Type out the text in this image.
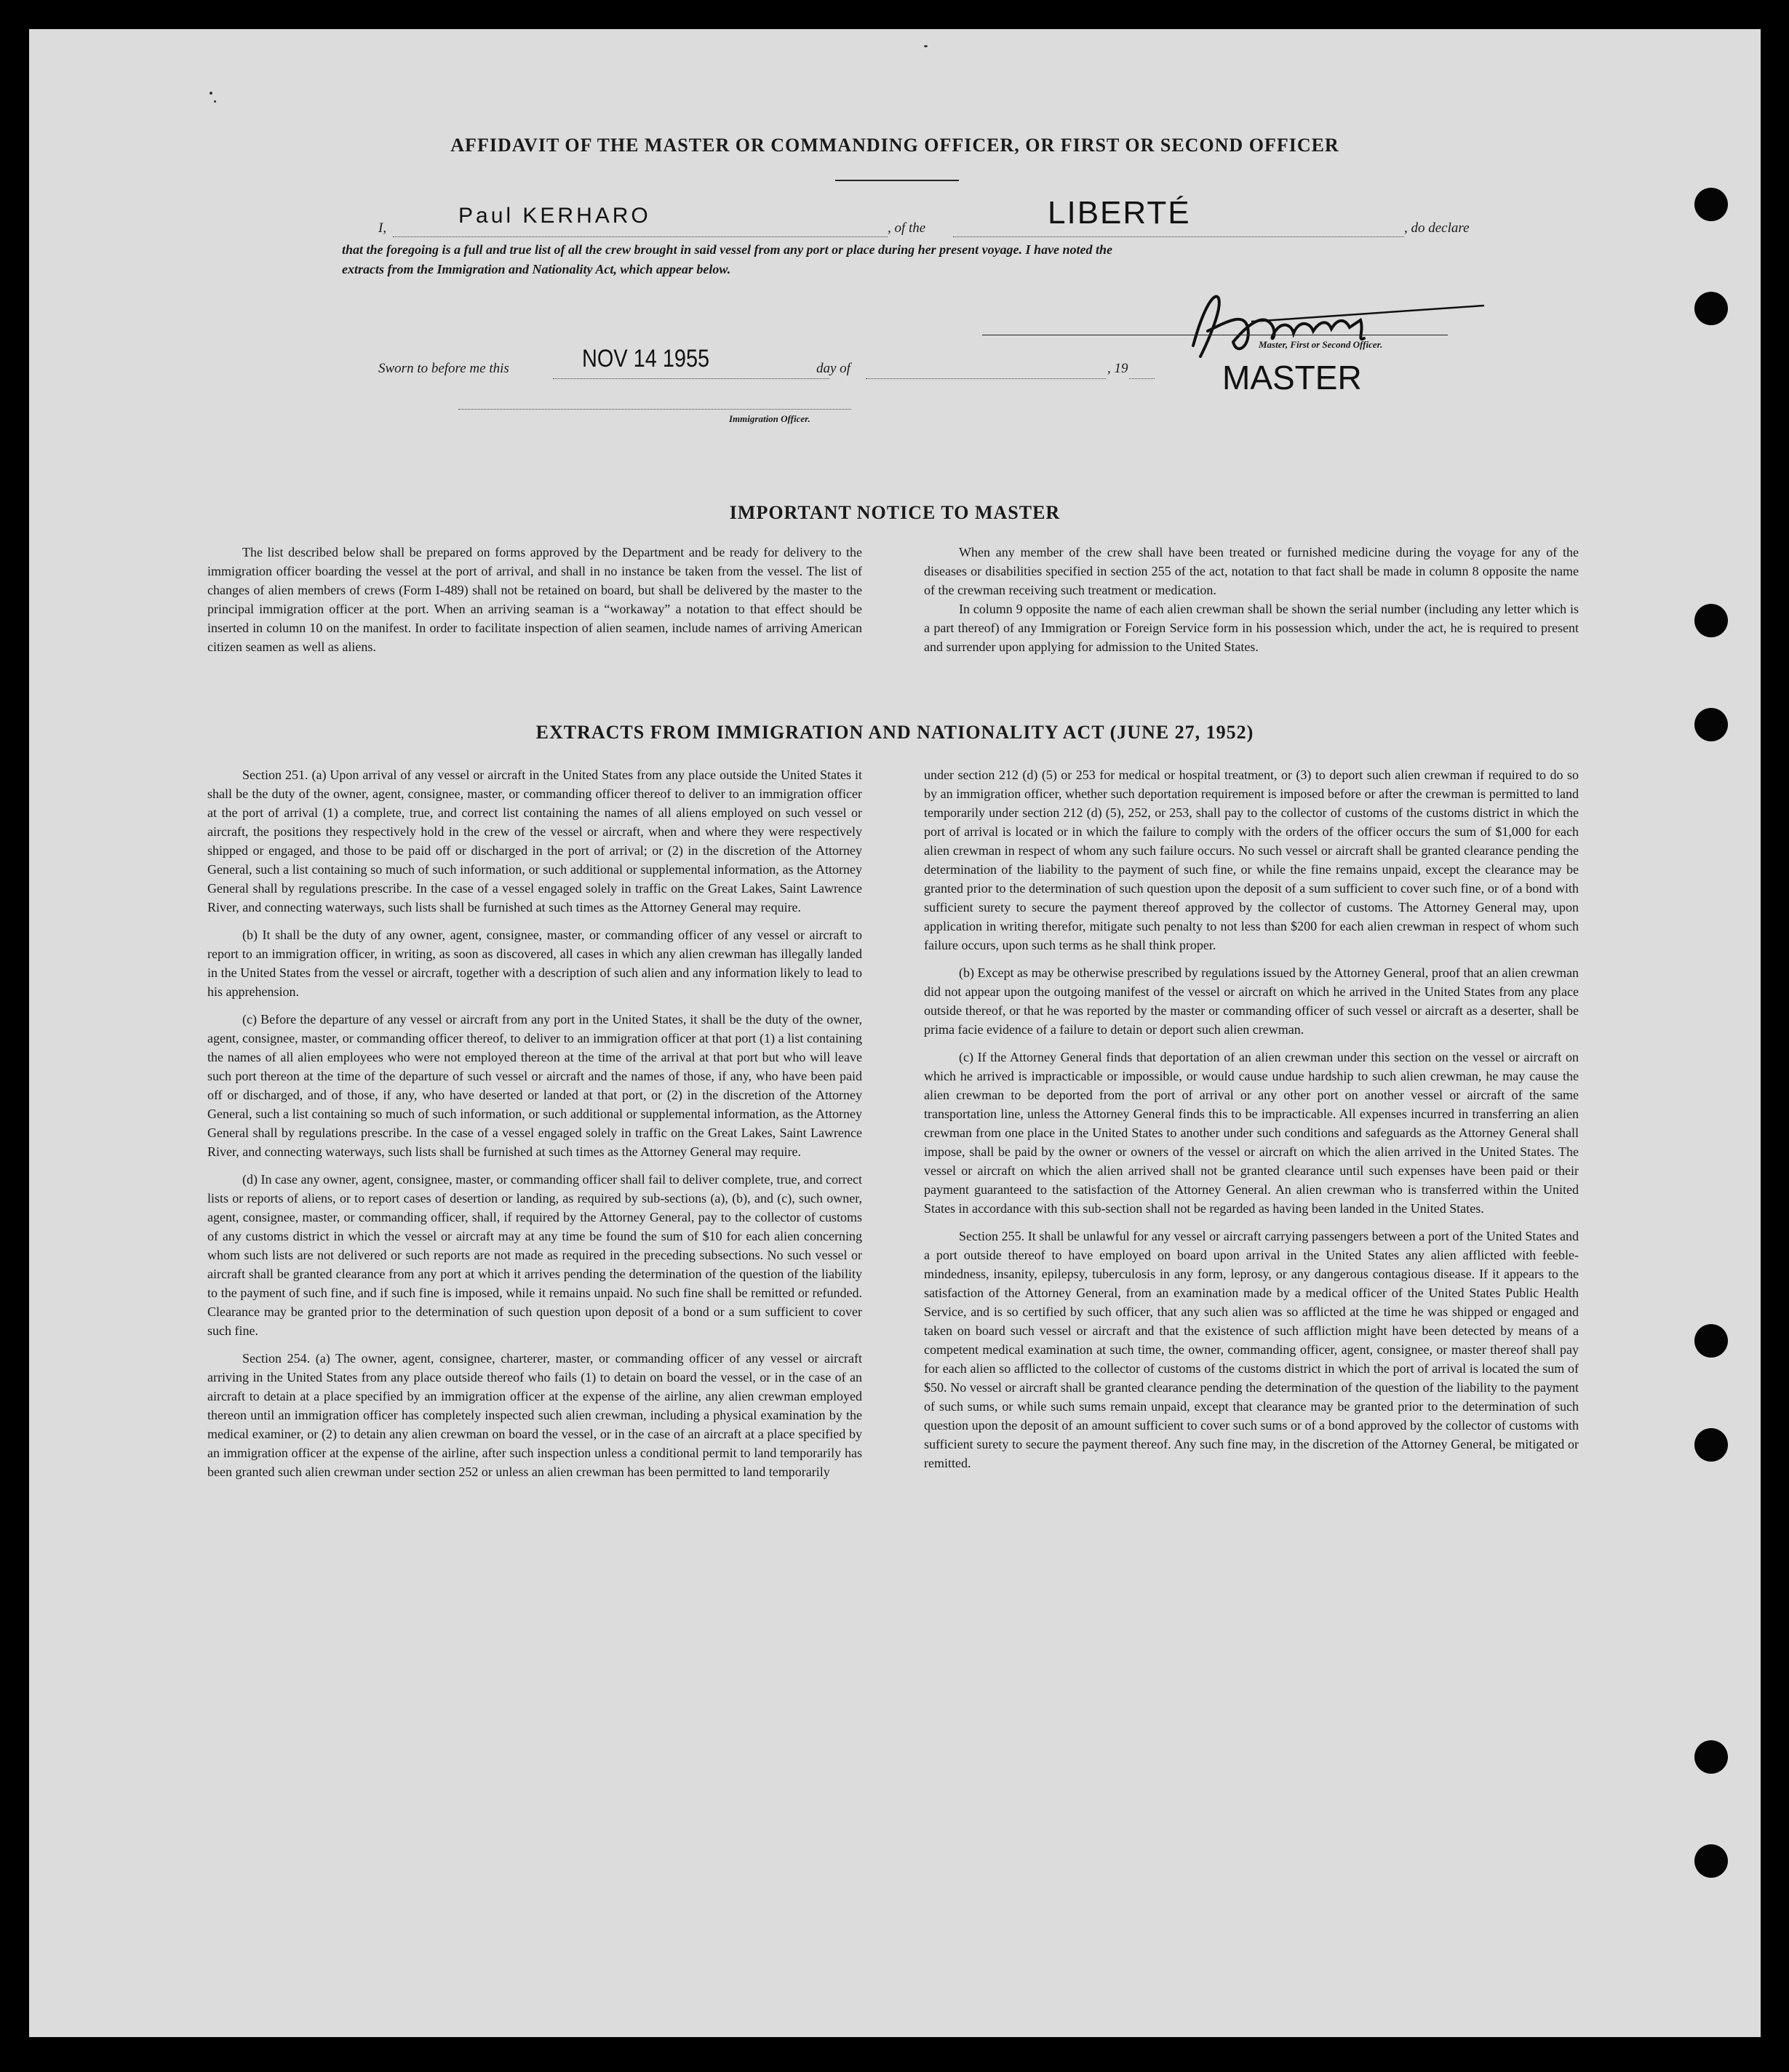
AFFIDAVIT OF THE MASTER OR COMMANDING OFFICER, OR FIRST OR SECOND OFFICER
I,
Paul KERHARO
, of the	LIBERTÉ	, do declare
that the foregoing is a full and true list of all the crew brought in said vessel from any port or place during her present voyage. I have noted the
extracts from the Immigration and Nationality Act, which appear below.
Master, First or Second Officer.
MASTER
Sworn to before me this	NOV 14 1955	day of	, 19
Immigration Officer.
IMPORTANT NOTICE TO MASTER

The list described below shall be prepared on forms approved by the Department and be ready for delivery to the immigration officer boarding the vessel at the port of arrival, and shall in no instance be taken from the vessel. The list of changes of alien members of crews (Form I-489) shall not be retained on board, but shall be delivered by the master to the principal immigration officer at the port. When an arriving seaman is a “workaway” a notation to that effect should be inserted in column 10 on the manifest. In order to facilitate inspection of alien seamen, include names of arriving American citizen seamen as well as aliens.

When any member of the crew shall have been treated or furnished medicine during the voyage for any of the diseases or disabilities specified in section 255 of the act, notation to that fact shall be made in column 8 opposite the name of the crewman receiving such treatment or medication.

In column 9 opposite the name of each alien crewman shall be shown the serial number (including any letter which is a part thereof) of any Immigration or Foreign Service form in his possession which, under the act, he is required to present and surrender upon applying for admission to the United States.

EXTRACTS FROM IMMIGRATION AND NATIONALITY ACT (JUNE 27, 1952)

Section 251. (a) Upon arrival of any vessel or aircraft in the United States from any place outside the United States it shall be the duty of the owner, agent, consignee, master, or commanding officer thereof to deliver to an immigration officer at the port of arrival (1) a complete, true, and correct list containing the names of all aliens employed on such vessel or aircraft, the positions they respectively hold in the crew of the vessel or aircraft, when and where they were respectively shipped or engaged, and those to be paid off or discharged in the port of arrival; or (2) in the discretion of the Attorney General, such a list containing so much of such information, or such additional or supplemental information, as the Attorney General shall by regulations prescribe. In the case of a vessel engaged solely in traffic on the Great Lakes, Saint Lawrence River, and connecting waterways, such lists shall be furnished at such times as the Attorney General may require.

(b) It shall be the duty of any owner, agent, consignee, master, or commanding officer of any vessel or aircraft to report to an immigration officer, in writing, as soon as discovered, all cases in which any alien crewman has illegally landed in the United States from the vessel or aircraft, together with a description of such alien and any information likely to lead to his apprehension.

(c) Before the departure of any vessel or aircraft from any port in the United States, it shall be the duty of the owner, agent, consignee, master, or commanding officer thereof, to deliver to an immigration officer at that port (1) a list containing the names of all alien employees who were not employed thereon at the time of the arrival at that port but who will leave such port thereon at the time of the departure of such vessel or aircraft and the names of those, if any, who have been paid off or discharged, and of those, if any, who have deserted or landed at that port, or (2) in the discretion of the Attorney General, such a list containing so much of such information, or such additional or supplemental information, as the Attorney General shall by regulations prescribe. In the case of a vessel engaged solely in traffic on the Great Lakes, Saint Lawrence River, and connecting waterways, such lists shall be furnished at such times as the Attorney General may require.

(d) In case any owner, agent, consignee, master, or commanding officer shall fail to deliver complete, true, and correct lists or reports of aliens, or to report cases of desertion or landing, as required by sub-sections (a), (b), and (c), such owner, agent, consignee, master, or commanding officer, shall, if required by the Attorney General, pay to the collector of customs of any customs district in which the vessel or aircraft may at any time be found the sum of $10 for each alien concerning whom such lists are not delivered or such reports are not made as required in the preceding subsections. No such vessel or aircraft shall be granted clearance from any port at which it arrives pending the determination of the question of the liability to the payment of such fine, and if such fine is imposed, while it remains unpaid. No such fine shall be remitted or refunded. Clearance may be granted prior to the determination of such question upon deposit of a bond or a sum sufficient to cover such fine.

Section 254. (a) The owner, agent, consignee, charterer, master, or commanding officer of any vessel or aircraft arriving in the United States from any place outside thereof who fails (1) to detain on board the vessel, or in the case of an aircraft to detain at a place specified by an immigration officer at the expense of the airline, any alien crewman employed thereon until an immigration officer has completely inspected such alien crewman, including a physical examination by the medical examiner, or (2) to detain any alien crewman on board the vessel, or in the case of an aircraft at a place specified by an immigration officer at the expense of the airline, after such inspection unless a conditional permit to land temporarily has been granted such alien crewman under section 252 or unless an alien crewman has been permitted to land temporarily

under section 212 (d) (5) or 253 for medical or hospital treatment, or (3) to deport such alien crewman if required to do so by an immigration officer, whether such deportation requirement is imposed before or after the crewman is permitted to land temporarily under section 212 (d) (5), 252, or 253, shall pay to the collector of customs of the customs district in which the port of arrival is located or in which the failure to comply with the orders of the officer occurs the sum of $1,000 for each alien crewman in respect of whom any such failure occurs. No such vessel or aircraft shall be granted clearance pending the determination of the liability to the payment of such fine, or while the fine remains unpaid, except the clearance may be granted prior to the determination of such question upon the deposit of a sum sufficient to cover such fine, or of a bond with sufficient surety to secure the payment thereof approved by the collector of customs. The Attorney General may, upon application in writing therefor, mitigate such penalty to not less than $200 for each alien crewman in respect of whom such failure occurs, upon such terms as he shall think proper.

(b) Except as may be otherwise prescribed by regulations issued by the Attorney General, proof that an alien crewman did not appear upon the outgoing manifest of the vessel or aircraft on which he arrived in the United States from any place outside thereof, or that he was reported by the master or commanding officer of such vessel or aircraft as a deserter, shall be prima facie evidence of a failure to detain or deport such alien crewman.

(c) If the Attorney General finds that deportation of an alien crewman under this section on the vessel or aircraft on which he arrived is impracticable or impossible, or would cause undue hardship to such alien crewman, he may cause the alien crewman to be deported from the port of arrival or any other port on another vessel or aircraft of the same transportation line, unless the Attorney General finds this to be impracticable. All expenses incurred in transferring an alien crewman from one place in the United States to another under such conditions and safeguards as the Attorney General shall impose, shall be paid by the owner or owners of the vessel or aircraft on which the alien arrived in the United States. The vessel or aircraft on which the alien arrived shall not be granted clearance until such expenses have been paid or their payment guaranteed to the satisfaction of the Attorney General. An alien crewman who is transferred within the United States in accordance with this sub-section shall not be regarded as having been landed in the United States.

Section 255. It shall be unlawful for any vessel or aircraft carrying passengers between a port of the United States and a port outside thereof to have employed on board upon arrival in the United States any alien afflicted with feeble-mindedness, insanity, epilepsy, tuberculosis in any form, leprosy, or any dangerous contagious disease. If it appears to the satisfaction of the Attorney General, from an examination made by a medical officer of the United States Public Health Service, and is so certified by such officer, that any such alien was so afflicted at the time he was shipped or engaged and taken on board such vessel or aircraft and that the existence of such affliction might have been detected by means of a competent medical examination at such time, the owner, commanding officer, agent, consignee, or master thereof shall pay for each alien so afflicted to the collector of customs of the customs district in which the port of arrival is located the sum of $50. No vessel or aircraft shall be granted clearance pending the determination of the question of the liability to the payment of such sums, or while such sums remain unpaid, except that clearance may be granted prior to the determination of such question upon the deposit of an amount sufficient to cover such sums or of a bond approved by the collector of customs with sufficient surety to secure the payment thereof. Any such fine may, in the discretion of the Attorney General, be mitigated or remitted.
